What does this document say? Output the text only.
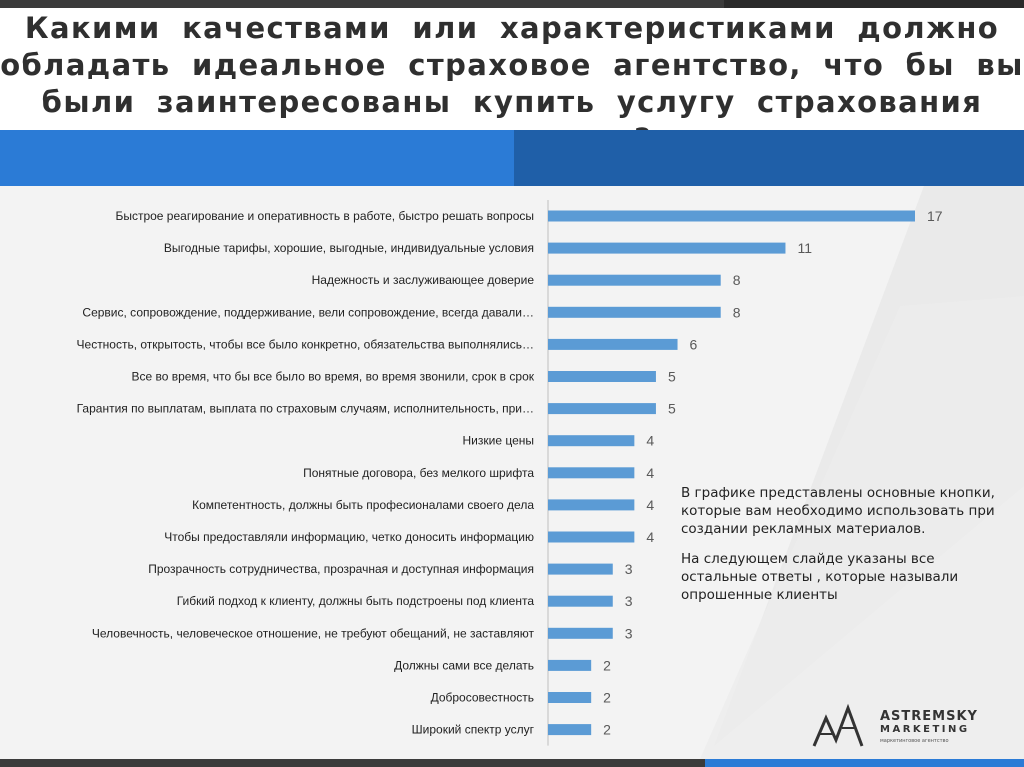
Какими качествами или характеристиками должно обладать идеальное страховое агентство, что бы вы были заинтересованы купить услугу страхования
Быстрое реагирование и оперативность в работе, быстро решать вопросы	17
Выгодные тарифы, хорошие, выгодные, индивидуальные условия	11
Надежность и заслуживающее доверие	8
Сервис, сопровождение, поддерживание, вели сопровождение, всегда давали…	8
Честность, открытость, чтобы все было конкретно, обязательства выполнялись…	6
Все во время, что бы все было во время, во время звонили, срок в срок	5
Гарантия по выплатам, выплата по страховым случаям, исполнительность, при…	5
Низкие цены	4
Понятные договора, без мелкого шрифта	4
Компетентность, должны быть професионалами своего дела	4
Чтобы предоставляли информацию, четко доносить информацию	4
Прозрачность сотрудничества, прозрачная и доступная информация	3
Гибкий подход к клиенту, должны быть подстроены под клиента	3
Человечность, человеческое отношение, не требуют обещаний, не заставляют	3
Должны сами все делать	2
Добросовестность	2
Широкий спектр услуг	2

В графике представлены основные кнопки, которые вам необходимо использовать при создании рекламных материалов.

На следующем слайде указаны все остальные ответы , которые называли опрошенные клиенты

ASTREMSKY
MARKETING
маркетинговое агентство
